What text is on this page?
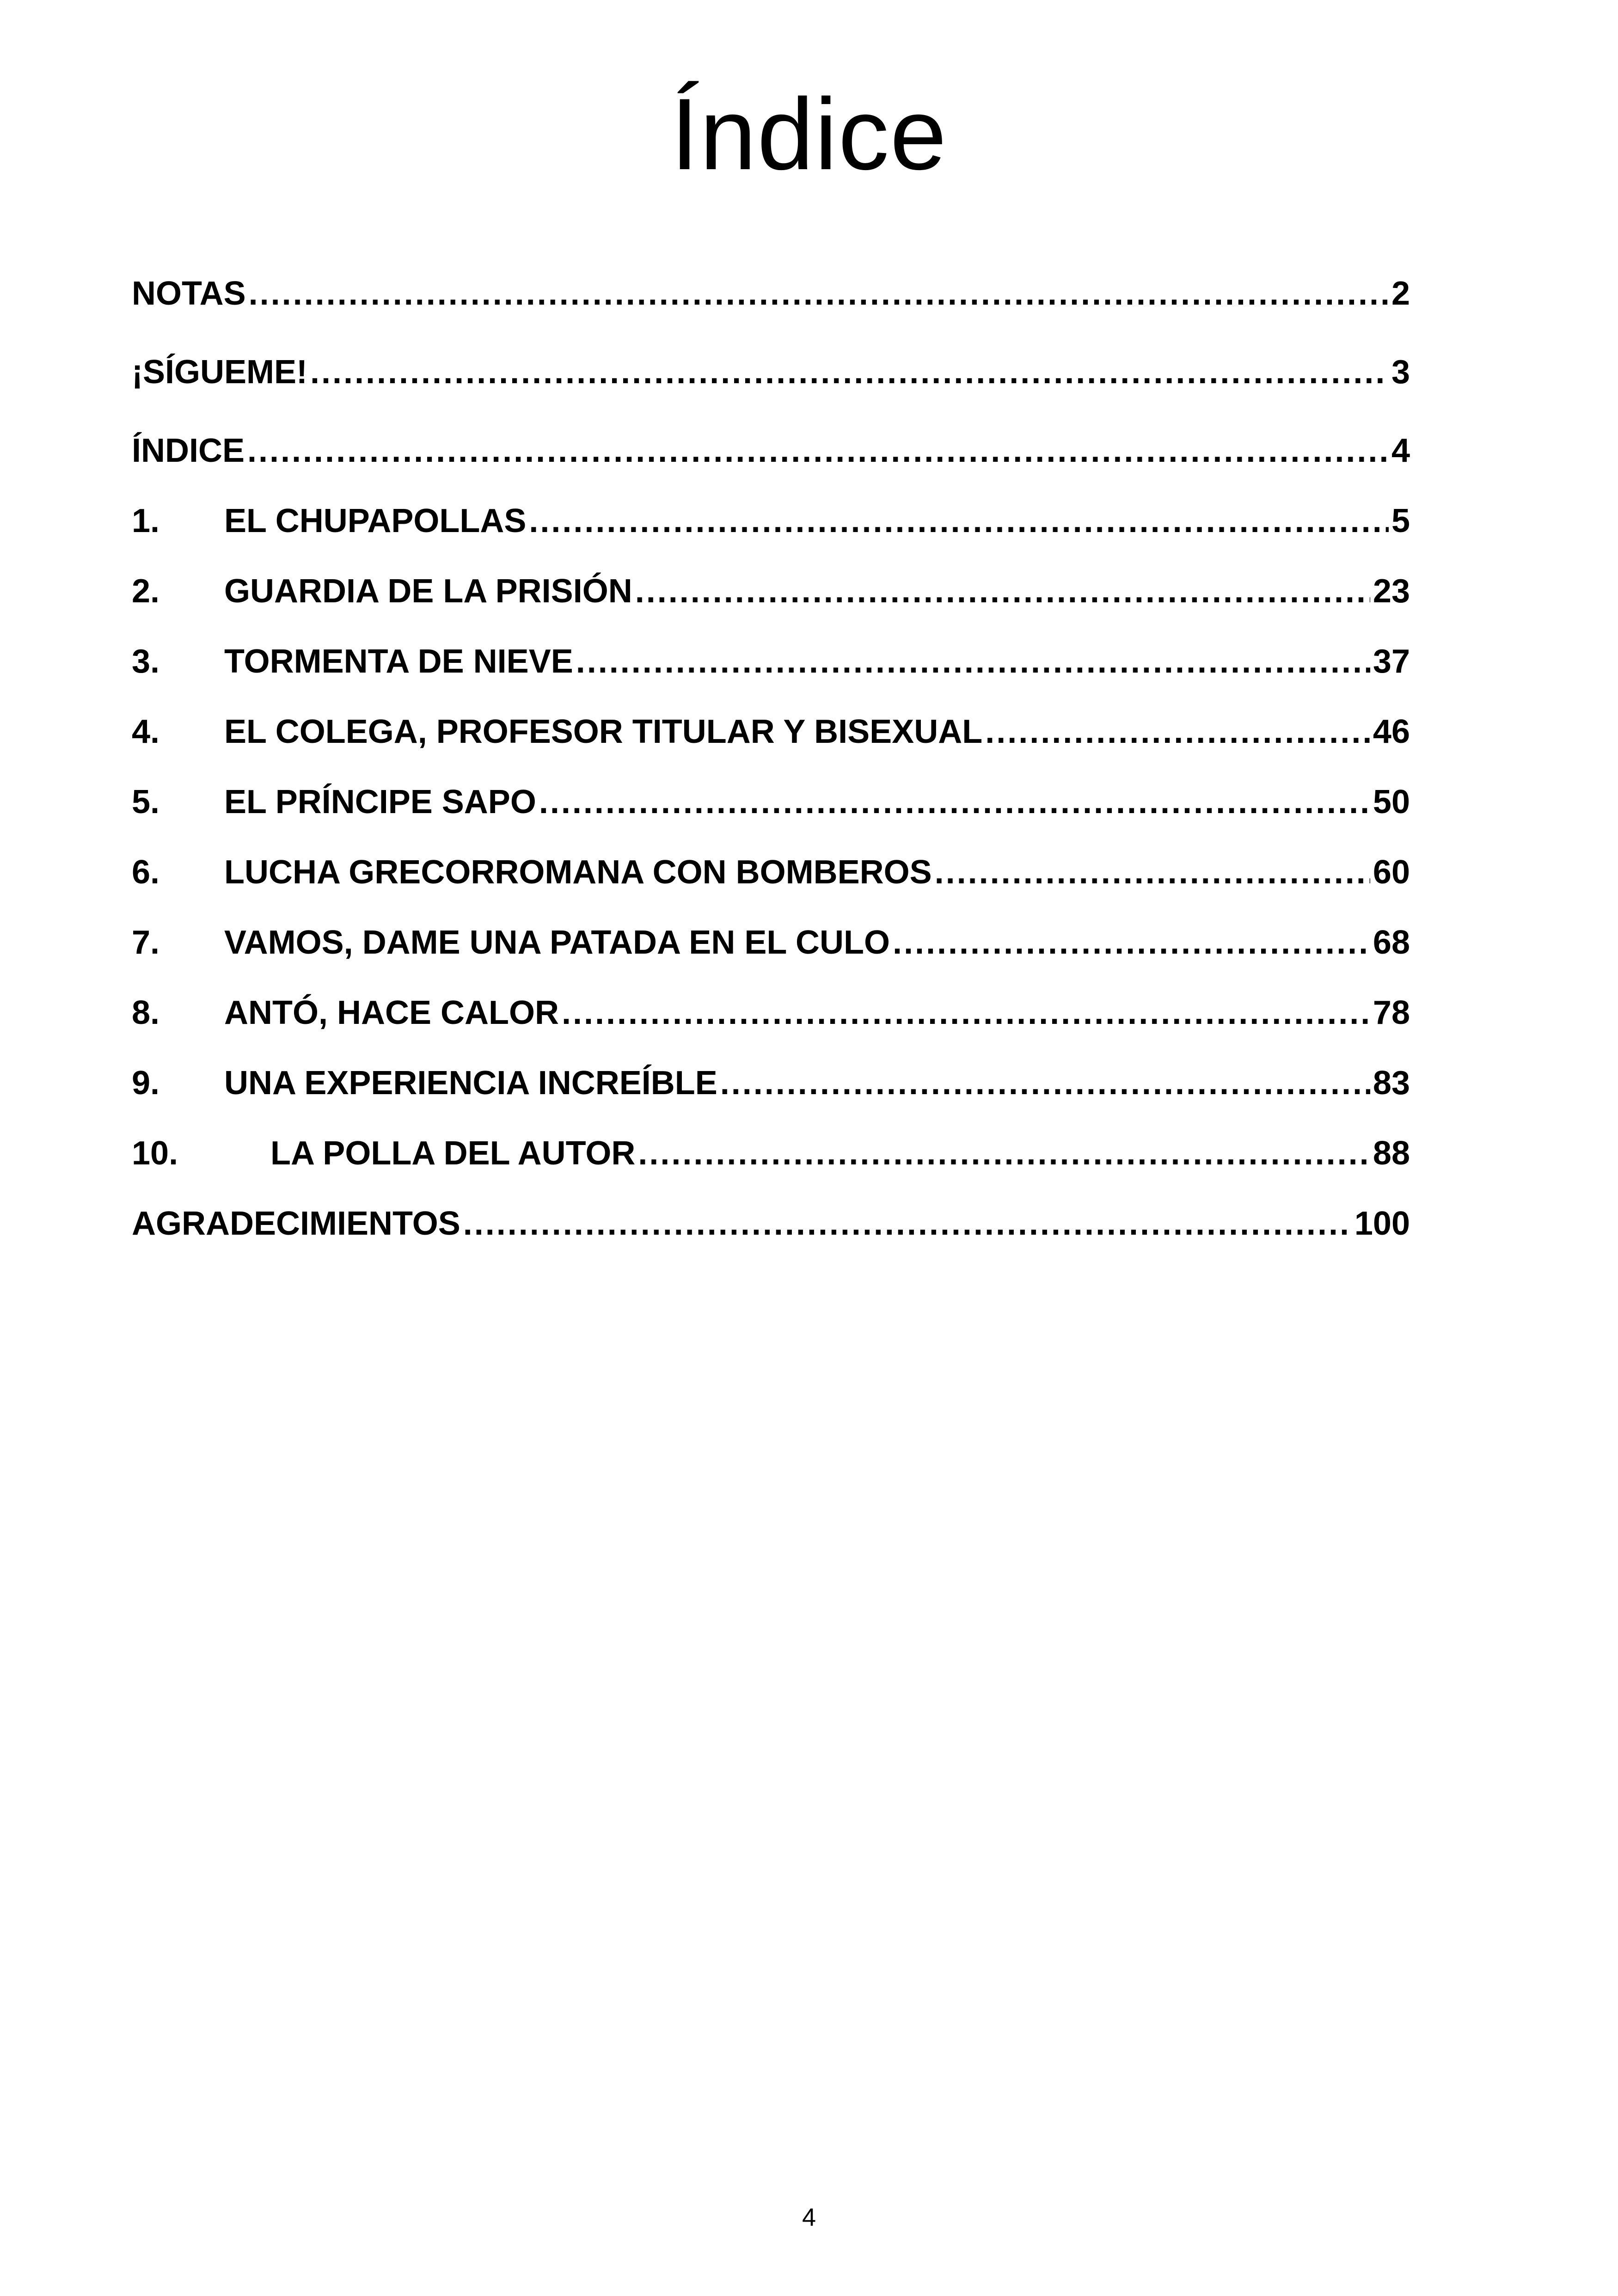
Índice
NOTAS .....	2
¡SÍGUEME! .....	3
ÍNDICE .....	4
1.	EL CHUPAPOLLAS .....	5
2.	GUARDIA DE LA PRISIÓN .....	23
3.	TORMENTA DE NIEVE .....	37
4.	EL COLEGA, PROFESOR TITULAR Y BISEXUAL .....	46
5.	EL PRÍNCIPE SAPO .....	50
6.	LUCHA GRECORROMANA CON BOMBEROS .....	60
7.	VAMOS, DAME UNA PATADA EN EL CULO .....	68
8.	ANTÓ, HACE CALOR .....	78
9.	UNA EXPERIENCIA INCREÍBLE .....	83
10.	LA POLLA DEL AUTOR .....	88
AGRADECIMIENTOS .....	100
4
